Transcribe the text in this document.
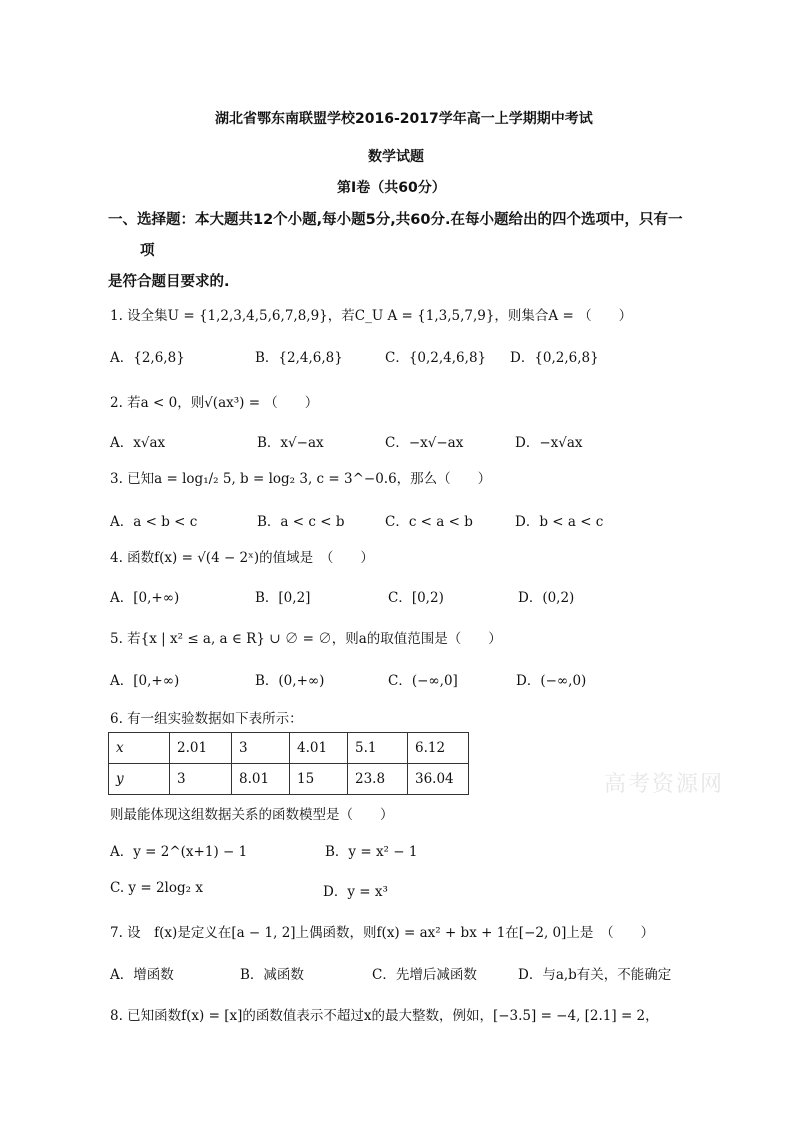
湖北省鄂东南联盟学校2016-2017学年高一上学期期中考试
数学试题
第Ⅰ卷（共60分）
一、选择题：本大题共12个小题,每小题5分,共60分.在每小题给出的四个选项中，只有一
项
是符合题目要求的.
1. 设全集U = {1,2,3,4,5,6,7,8,9}，若C_U A = {1,3,5,7,9}，则集合A = （　　）
A．{2,6,8}	B．{2,4,6,8}	C．{0,2,4,6,8} D．{0,2,6,8}
2. 若a < 0，则√(ax³) = （　　）
A．x√ax	B．x√−ax	C．−x√−ax	D．−x√ax
3. 已知a = log₁/₂ 5, b = log₂ 3, c = 3^−0.6，那么（　　）
A．a < b < c	B．a < c < b	C．c < a < b	D．b < a < c
4. 函数f(x) = √(4 − 2ˣ)的值域是　（　　）
A．[0,+∞)	B．[0,2]	C．[0,2)	D．(0,2)
5. 若{x | x² ≤ a, a ∈ R} ∪ ∅ = ∅，则a的取值范围是（　　）
A．[0,+∞)	B．(0,+∞)	C．(−∞,0]	D．(−∞,0)
6. 有一组实验数据如下表所示：
x	2.01	3	4.01	5.1	6.12
y	3	8.01	15	23.8	36.04	高考资源网
则最能体现这组数据关系的函数模型是（　　）
A．y = 2^(x+1) − 1	B．y = x² − 1
C. y = 2log₂ x	D．y = x³
7. 设　f(x)是定义在[a − 1, 2]上偶函数，则f(x) = ax² + bx + 1在[−2, 0]上是　（　　）
A．增函数	B．减函数	C．先增后减函数	D．与a,b有关，不能确定
8. 已知函数f(x) = [x]的函数值表示不超过x的最大整数，例如，[−3.5] = −4, [2.1] = 2，
